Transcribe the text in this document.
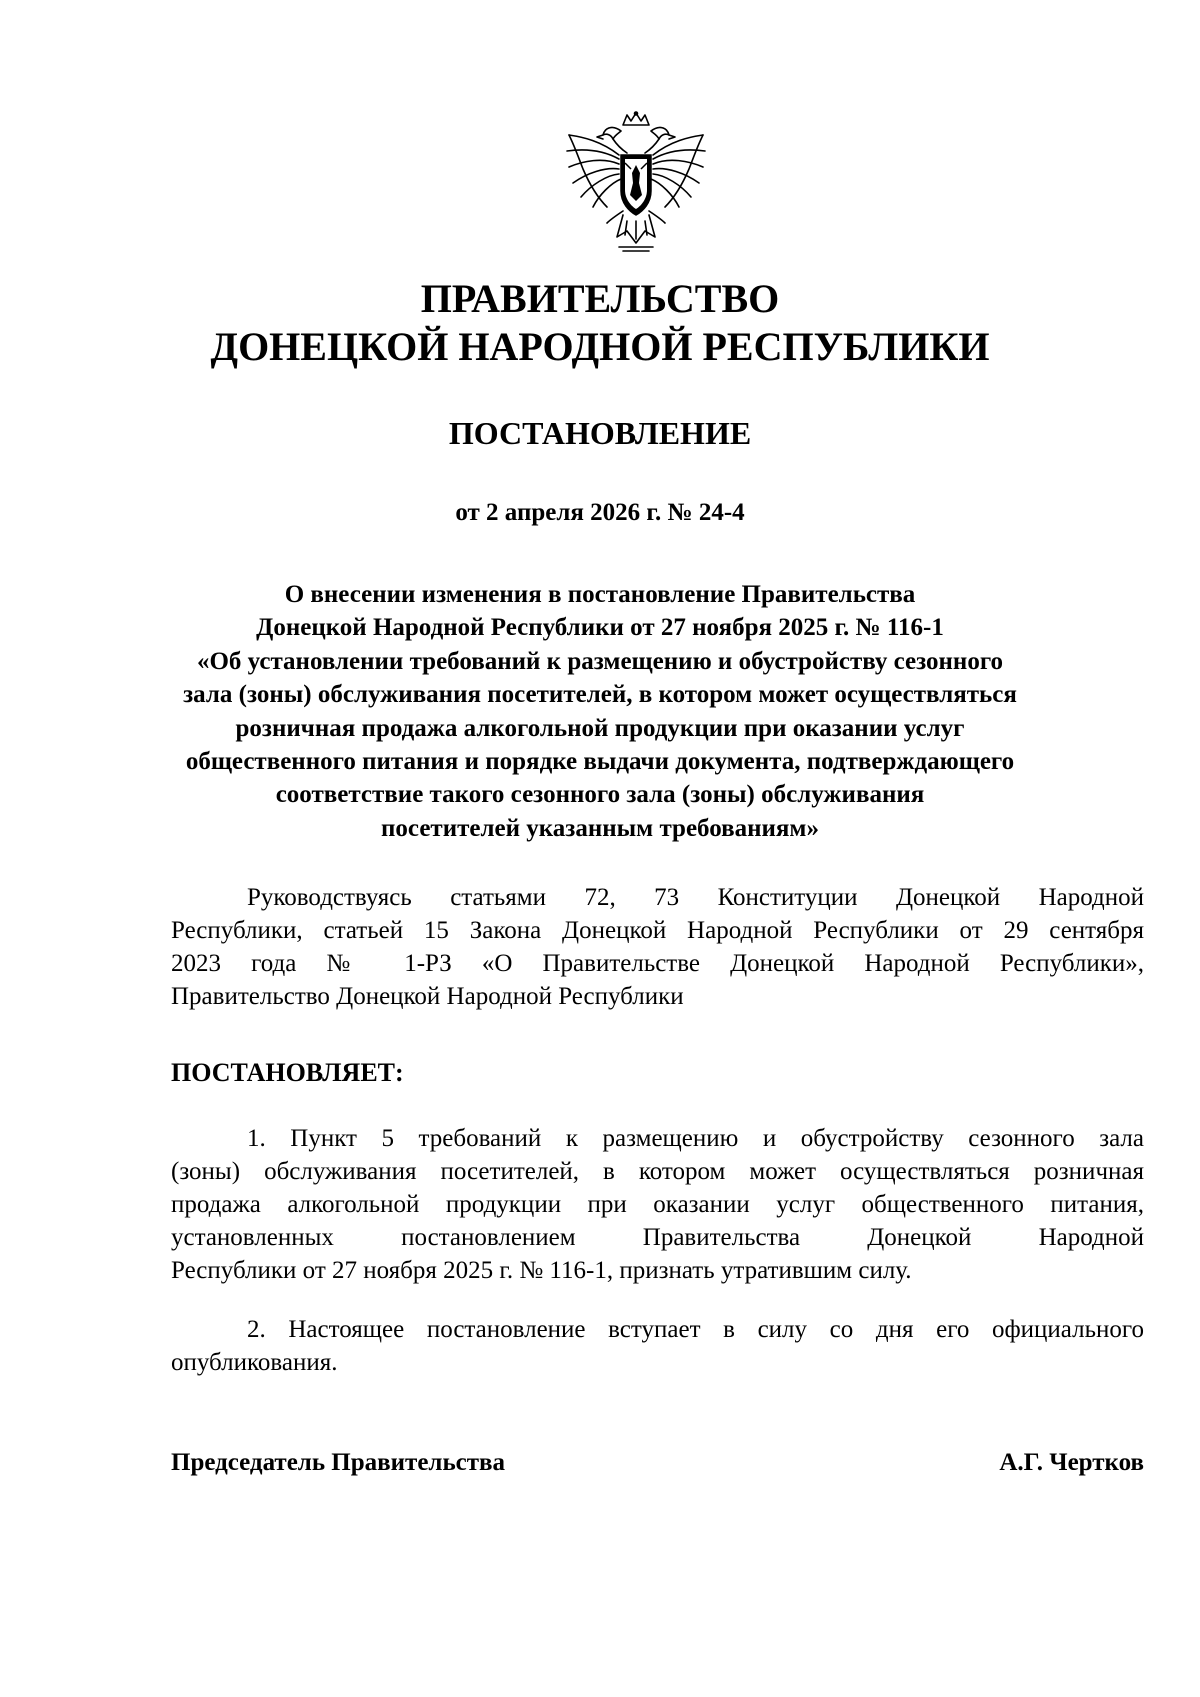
ПРАВИТЕЛЬСТВО
ДОНЕЦКОЙ НАРОДНОЙ РЕСПУБЛИКИ
ПОСТАНОВЛЕНИЕ
от 2 апреля 2026 г. № 24-4
О внесении изменения в постановление Правительства
Донецкой Народной Республики от 27 ноября 2025 г. № 116-1
«Об установлении требований к размещению и обустройству сезонного
зала (зоны) обслуживания посетителей, в котором может осуществляться
розничная продажа алкогольной продукции при оказании услуг
общественного питания и порядке выдачи документа, подтверждающего
соответствие такого сезонного зала (зоны) обслуживания
посетителей указанным требованиям»
Руководствуясь статьями 72, 73 Конституции Донецкой Народной
Республики, статьей 15 Закона Донецкой Народной Республики от 29 сентября
2023 года № 1-РЗ «О Правительстве Донецкой Народной Республики»,
Правительство Донецкой Народной Республики
ПОСТАНОВЛЯЕТ:
1. Пункт 5 требований к размещению и обустройству сезонного зала
(зоны) обслуживания посетителей, в котором может осуществляться розничная
продажа алкогольной продукции при оказании услуг общественного питания,
установленных постановлением Правительства Донецкой Народной
Республики от 27 ноября 2025 г. № 116-1, признать утратившим силу.
2. Настоящее постановление вступает в силу со дня его официального
опубликования.
Председатель Правительства	А.Г. Чертков
